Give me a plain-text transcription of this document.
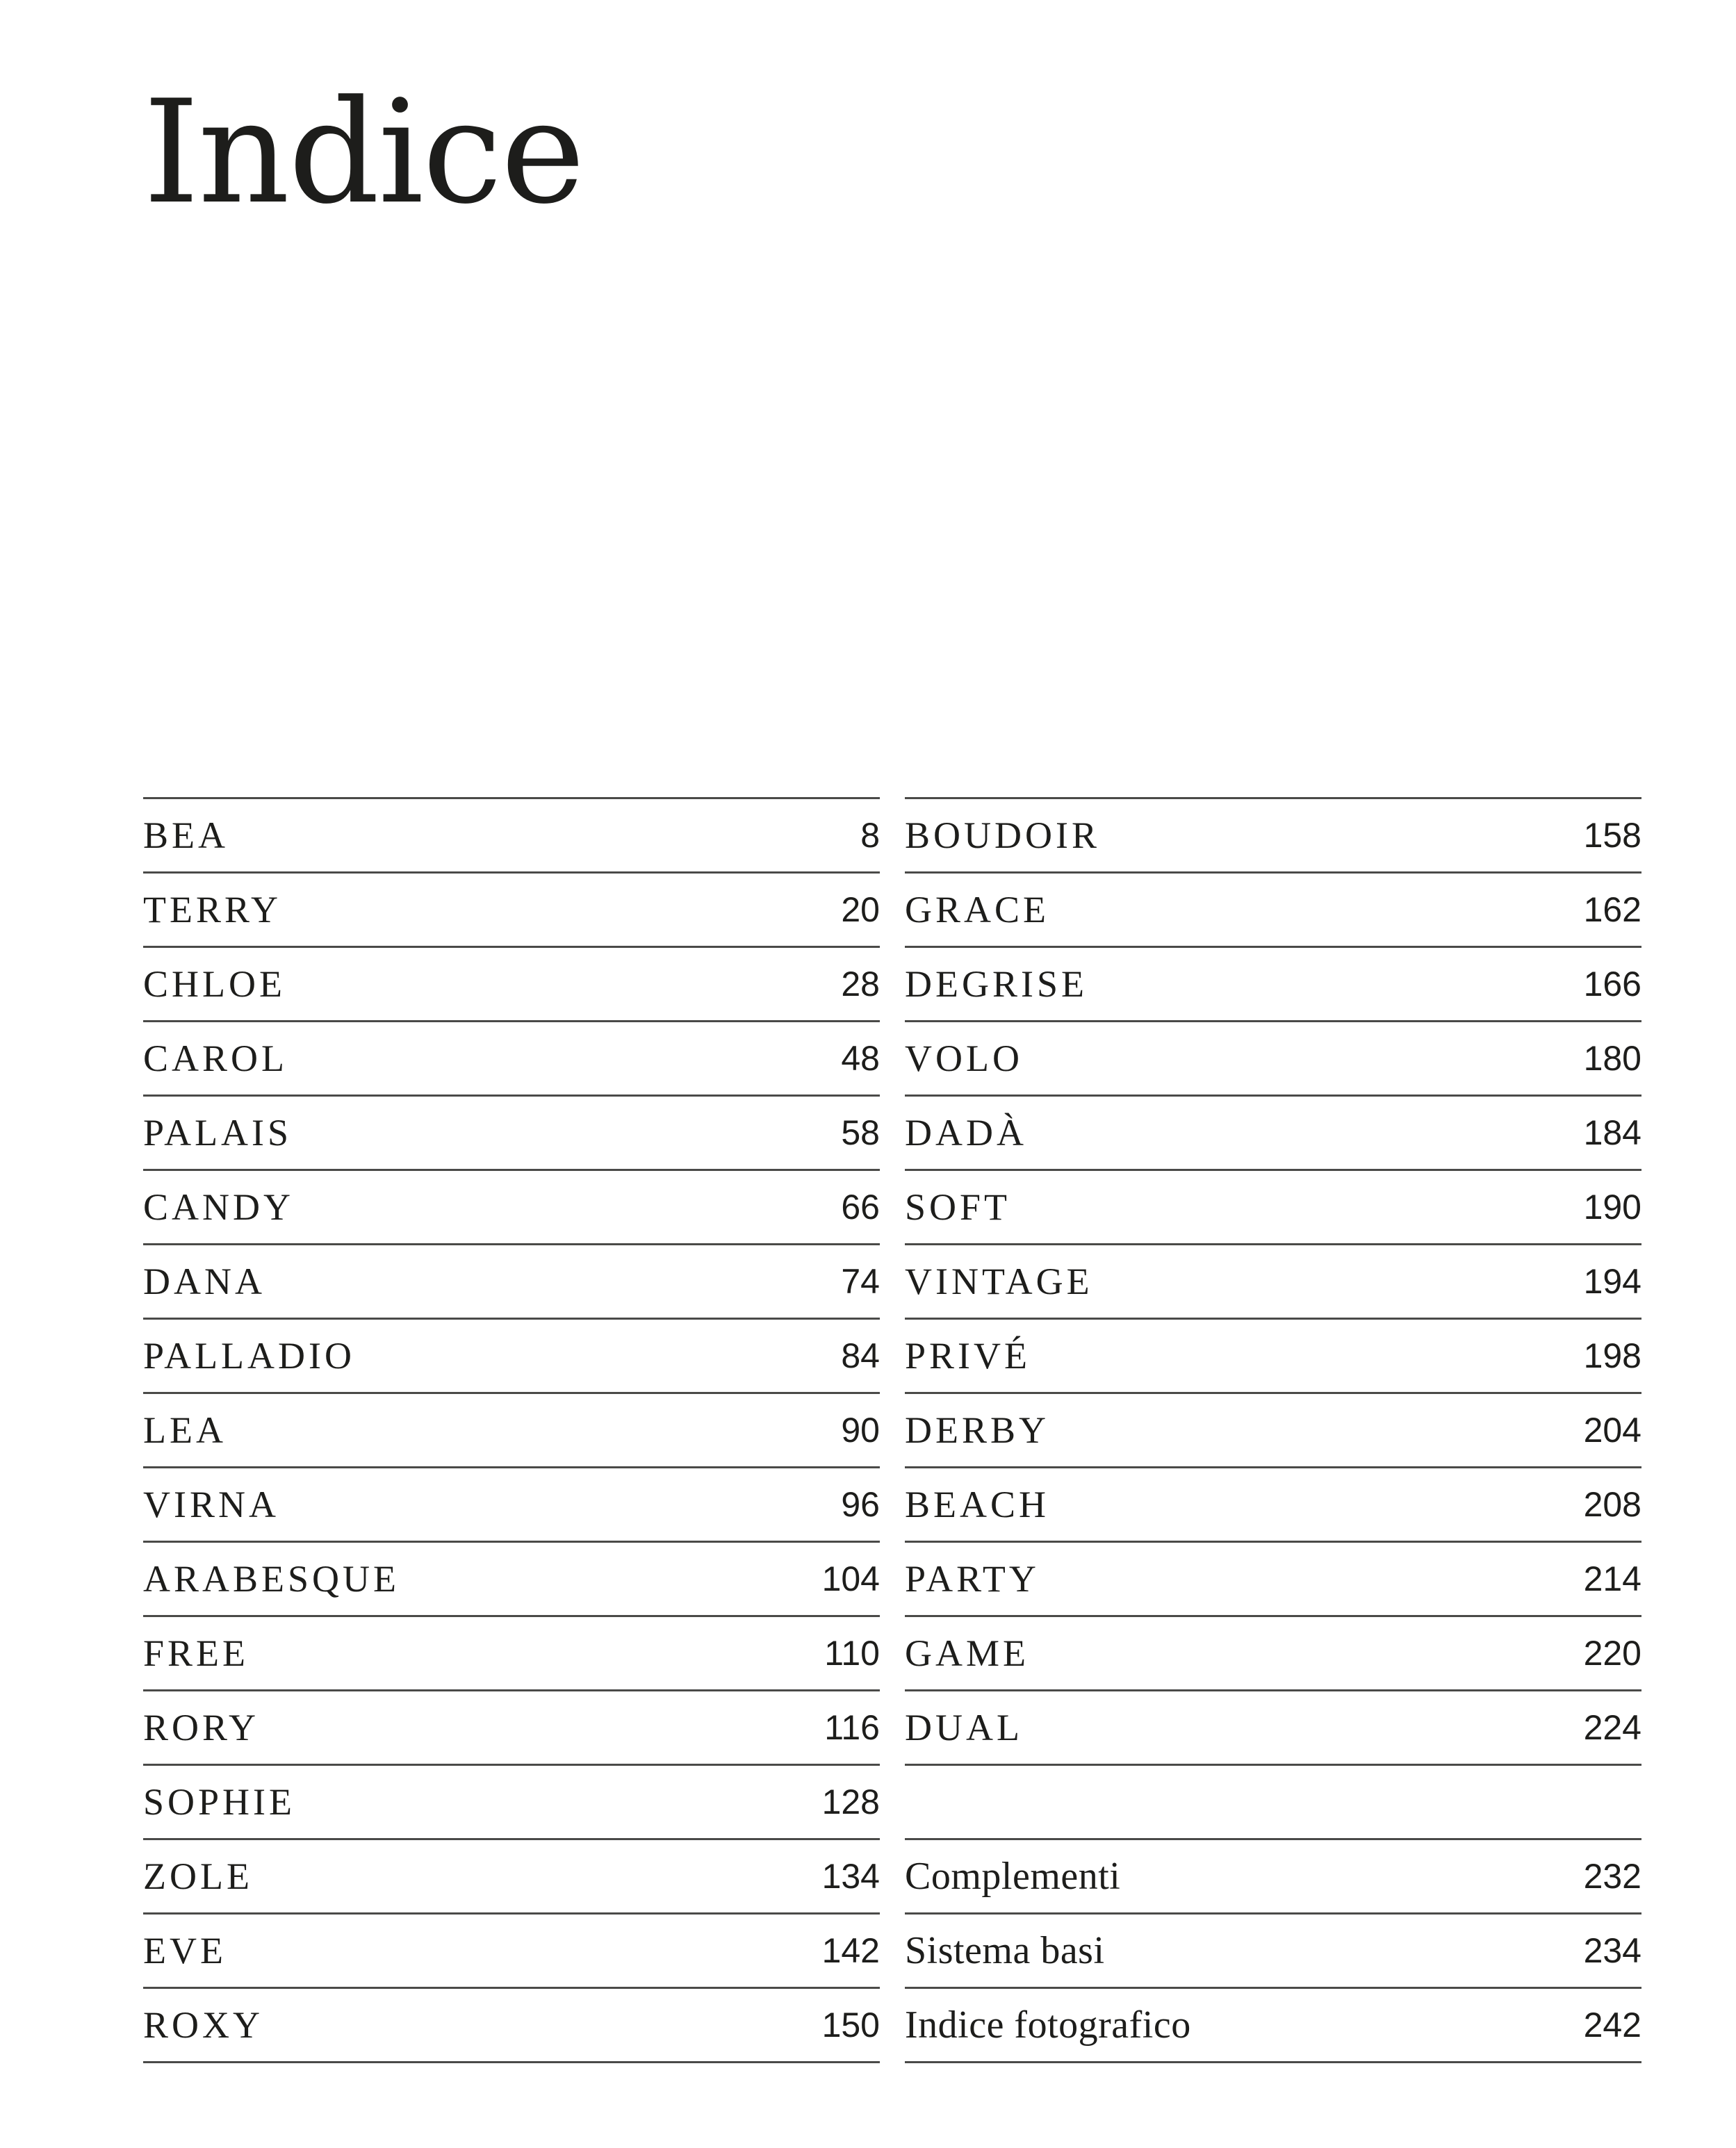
Indice
BEA	8
TERRY	20
CHLOE	28
CAROL	48
PALAIS	58
CANDY	66
DANA	74
PALLADIO	84
LEA	90
VIRNA	96
ARABESQUE	104
FREE	110
RORY	116
SOPHIE	128
ZOLE	134
EVE	142
ROXY	150
BOUDOIR	158
GRACE	162
DEGRISE	166
VOLO	180
DADÀ	184
SOFT	190
VINTAGE	194
PRIVÉ	198
DERBY	204
BEACH	208
PARTY	214
GAME	220
DUAL	224
Complementi	232
Sistema basi	234
Indice fotografico	242
